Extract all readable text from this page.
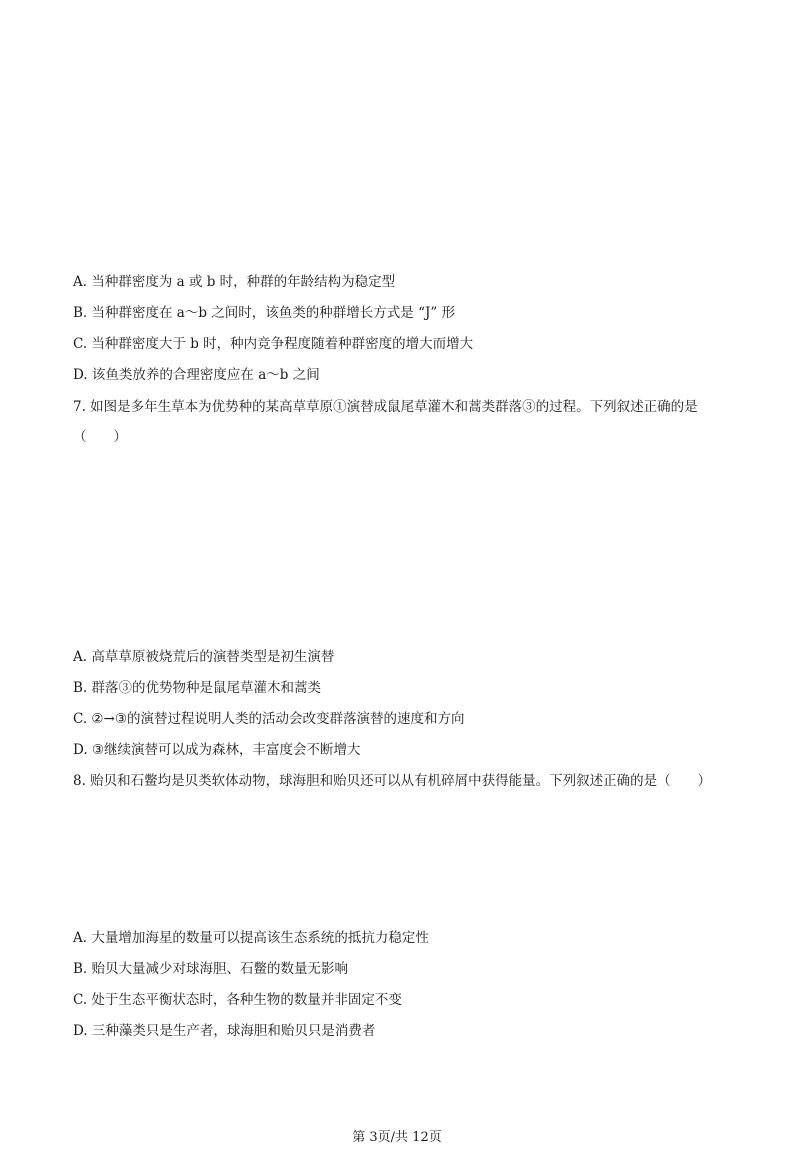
A. 当种群密度为 a 或 b 时，种群的年龄结构为稳定型
B. 当种群密度在 a～b 之间时，该鱼类的种群增长方式是 “J” 形
C. 当种群密度大于 b 时，种内竞争程度随着种群密度的增大而增大
D. 该鱼类放养的合理密度应在 a～b 之间
7. 如图是多年生草本为优势种的某高草草原①演替成鼠尾草灌木和蒿类群落③的过程。下列叙述正确的是
（　　）
A. 高草草原被烧荒后的演替类型是初生演替
B. 群落③的优势物种是鼠尾草灌木和蒿类
C. ②→③的演替过程说明人类的活动会改变群落演替的速度和方向
D. ③继续演替可以成为森林，丰富度会不断增大
8. 贻贝和石鳖均是贝类软体动物，球海胆和贻贝还可以从有机碎屑中获得能量。下列叙述正确的是（　　）
A. 大量增加海星的数量可以提高该生态系统的抵抗力稳定性
B. 贻贝大量减少对球海胆、石鳖的数量无影响
C. 处于生态平衡状态时，各种生物的数量并非固定不变
D. 三种藻类只是生产者，球海胆和贻贝只是消费者
第 3页/共 12页
